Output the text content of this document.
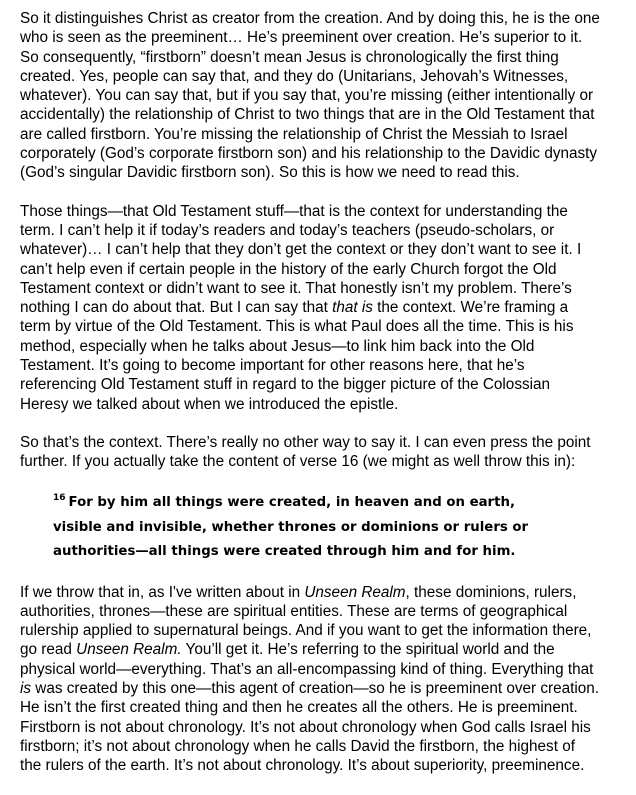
So it distinguishes Christ as creator from the creation. And by doing this, he is the one who is seen as the preeminent… He’s preeminent over creation. He’s superior to it. So consequently, “firstborn” doesn’t mean Jesus is chronologically the first thing created. Yes, people can say that, and they do (Unitarians, Jehovah’s Witnesses, whatever). You can say that, but if you say that, you’re missing (either intentionally or accidentally) the relationship of Christ to two things that are in the Old Testament that are called firstborn. You’re missing the relationship of Christ the Messiah to Israel corporately (God’s corporate firstborn son) and his relationship to the Davidic dynasty (God’s singular Davidic firstborn son). So this is how we need to read this.

Those things—that Old Testament stuff—that is the context for understanding the term. I can’t help it if today’s readers and today’s teachers (pseudo-scholars, or whatever)… I can’t help that they don’t get the context or they don’t want to see it. I can’t help even if certain people in the history of the early Church forgot the Old Testament context or didn’t want to see it. That honestly isn’t my problem. There’s nothing I can do about that. But I can say that that is the context. We’re framing a term by virtue of the Old Testament. This is what Paul does all the time. This is his method, especially when he talks about Jesus—to link him back into the Old Testament. It’s going to become important for other reasons here, that he’s referencing Old Testament stuff in regard to the bigger picture of the Colossian Heresy we talked about when we introduced the epistle.

So that’s the context. There’s really no other way to say it. I can even press the point further. If you actually take the content of verse 16 (we might as well throw this in):

$^{16}$ For by him all things were created, in heaven and on earth, visible and invisible, whether thrones or dominions or rulers or authorities—all things were created through him and for him.

If we throw that in, as I've written about in Unseen Realm, these dominions, rulers, authorities, thrones—these are spiritual entities. These are terms of geographical rulership applied to supernatural beings. And if you want to get the information there, go read Unseen Realm. You’ll get it. He’s referring to the spiritual world and the physical world—everything. That’s an all-encompassing kind of thing. Everything that is was created by this one—this agent of creation—so he is preeminent over creation. He isn’t the first created thing and then he creates all the others. He is preeminent. Firstborn is not about chronology. It’s not about chronology when God calls Israel his firstborn; it’s not about chronology when he calls David the firstborn, the highest of the rulers of the earth. It’s not about chronology. It’s about superiority, preeminence.
